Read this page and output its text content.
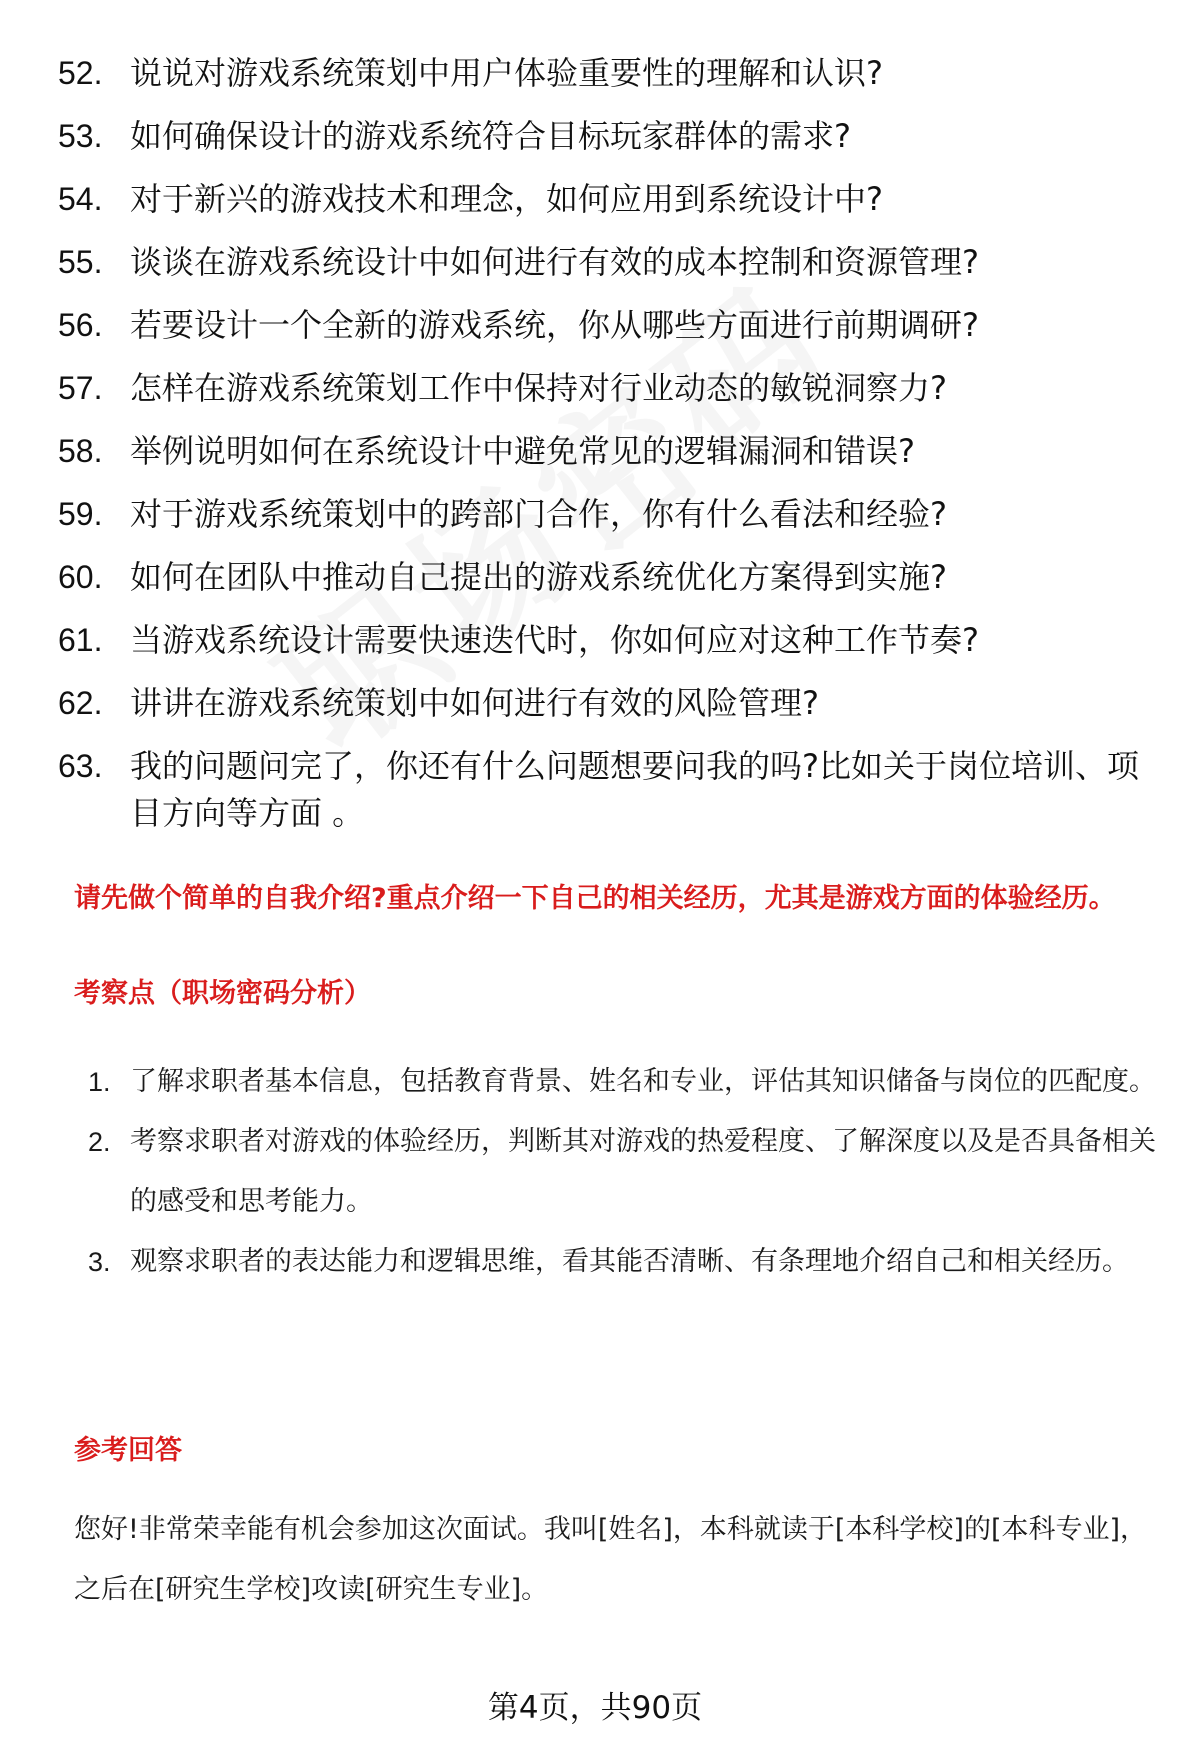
52. 说说对游戏系统策划中用户体验重要性的理解和认识?
53. 如何确保设计的游戏系统符合目标玩家群体的需求?
54. 对于新兴的游戏技术和理念，如何应用到系统设计中?
55. 谈谈在游戏系统设计中如何进行有效的成本控制和资源管理?
56. 若要设计一个全新的游戏系统，你从哪些方面进行前期调研?
57. 怎样在游戏系统策划工作中保持对行业动态的敏锐洞察力?
58. 举例说明如何在系统设计中避免常见的逻辑漏洞和错误?
59. 对于游戏系统策划中的跨部门合作，你有什么看法和经验?
60. 如何在团队中推动自己提出的游戏系统优化方案得到实施?
61. 当游戏系统设计需要快速迭代时，你如何应对这种工作节奏?
62. 讲讲在游戏系统策划中如何进行有效的风险管理?
63. 我的问题问完了，你还有什么问题想要问我的吗?比如关于岗位培训、项目方向等方面 。
请先做个简单的自我介绍?重点介绍一下自己的相关经历，尤其是游戏方面的体验经历。
考察点（职场密码分析）
1. 了解求职者基本信息，包括教育背景、姓名和专业，评估其知识储备与岗位的匹配度。
2. 考察求职者对游戏的体验经历，判断其对游戏的热爱程度、了解深度以及是否具备相关的感受和思考能力。
3. 观察求职者的表达能力和逻辑思维，看其能否清晰、有条理地介绍自己和相关经历。
参考回答
您好!非常荣幸能有机会参加这次面试。我叫[姓名]，本科就读于[本科学校]的[本科专业]，之后在[研究生学校]攻读[研究生专业]。
第4页，共90页
